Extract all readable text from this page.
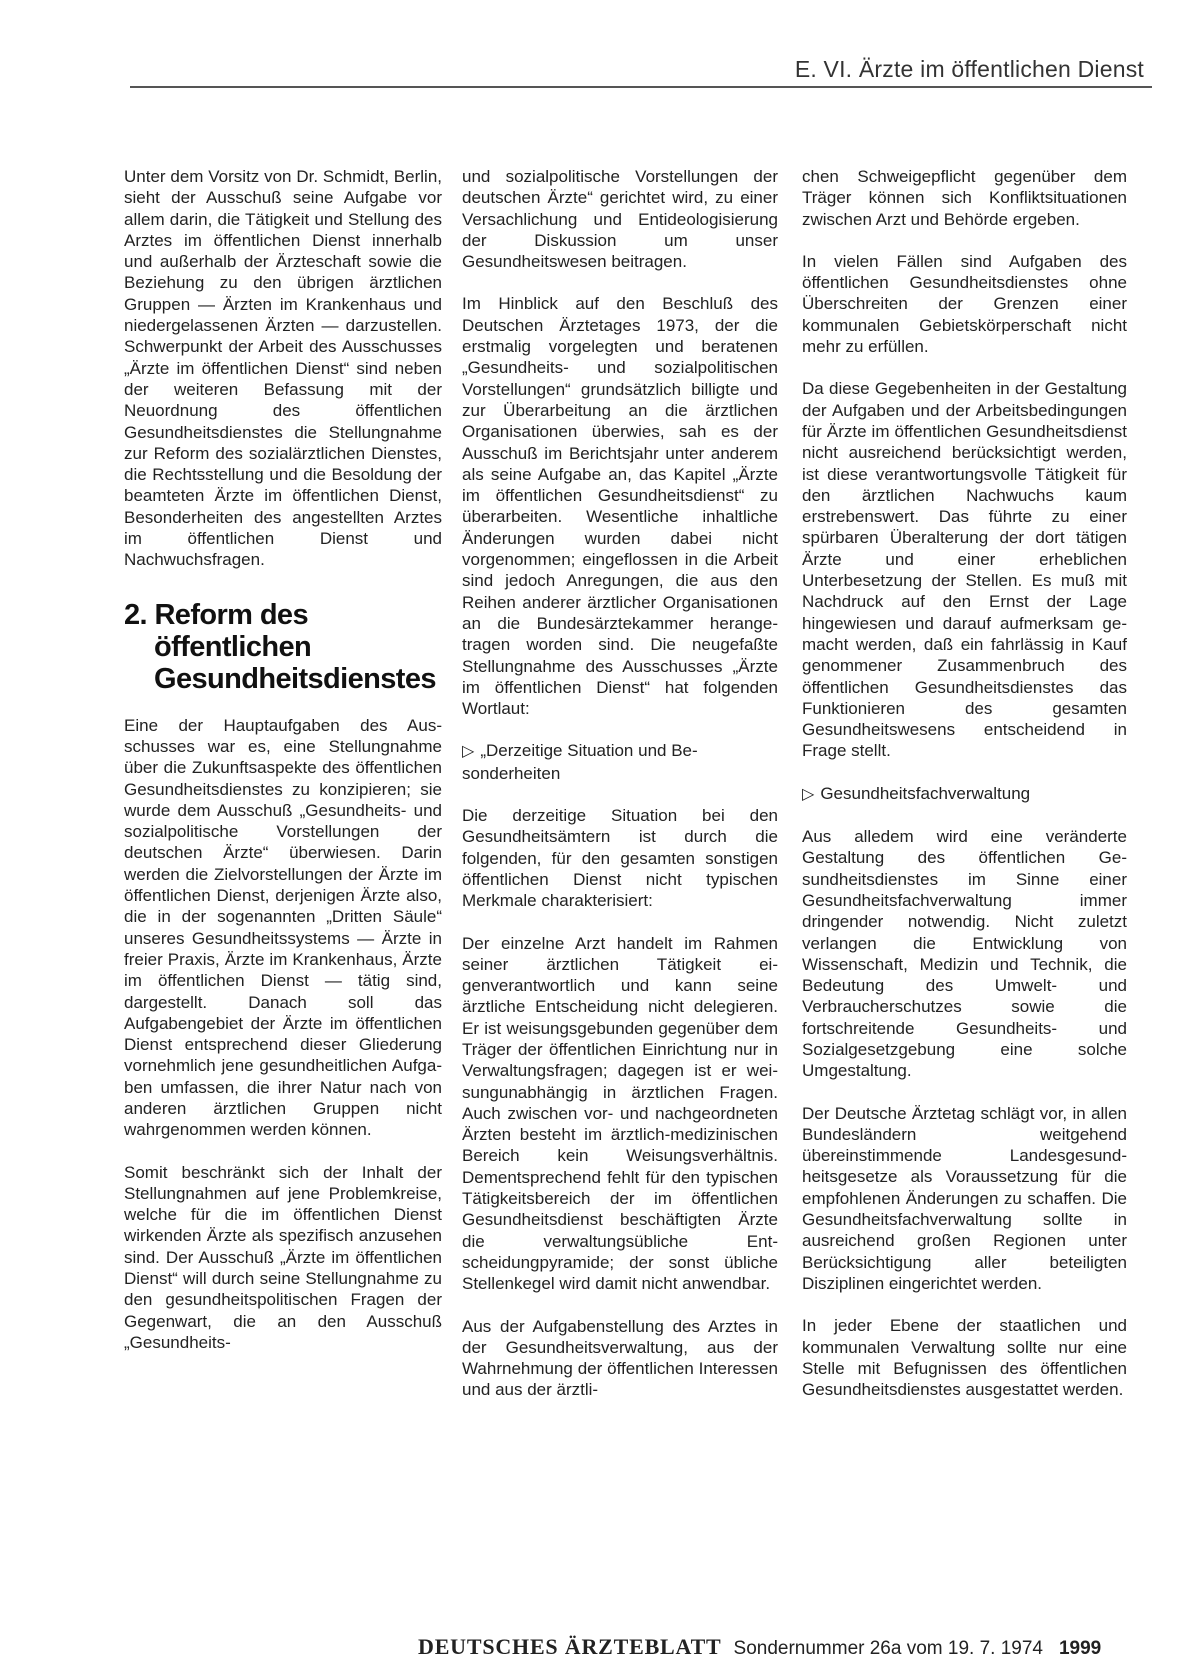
E. VI. Ärzte im öffentlichen Dienst

Unter dem Vorsitz von Dr. Schmidt, Berlin, sieht der Ausschuß seine Aufgabe vor allem darin, die Tätigkeit und Stellung des Arztes im öffentlichen Dienst innerhalb und außerhalb der Ärzteschaft sowie die Beziehung zu den übrigen ärztlichen Gruppen — Ärzten im Krankenhaus und niedergelassenen Ärzten — darzustellen. Schwerpunkt der Arbeit des Ausschusses „Ärzte im öffentlichen Dienst“ sind neben der weiteren Befassung mit der Neuordnung des öffentlichen Gesundheitsdienstes die Stellungnahme zur Reform des sozialärztlichen Dienstes, die Rechtsstellung und die Besoldung der beamteten Ärzte im öffentlichen Dienst, Besonderheiten des angestellten Arztes im öffentlichen Dienst und Nachwuchsfragen.

2. Reform des
öffentlichen
Gesundheitsdienstes

Eine der Hauptaufgaben des Ausschusses war es, eine Stellungnahme über die Zukunftsaspekte des öffentlichen Gesundheitsdienstes zu konzipieren; sie wurde dem Ausschuß „Gesundheits- und sozialpolitische Vorstellungen der deutschen Ärzte“ überwiesen. Darin werden die Zielvorstellungen der Ärzte im öffentlichen Dienst, derjenigen Ärzte also, die in der sogenannten „Dritten Säule“ unseres Gesundheitssystems — Ärzte in freier Praxis, Ärzte im Krankenhaus, Ärzte im öffentlichen Dienst — tätig sind, dargestellt. Danach soll das Aufgabengebiet der Ärzte im öffentlichen Dienst entsprechend dieser Gliederung vornehmlich jene gesundheitlichen Aufgaben umfassen, die ihrer Natur nach von anderen ärztlichen Gruppen nicht wahrgenommen werden können.

Somit beschränkt sich der Inhalt der Stellungnahmen auf jene Problemkreise, welche für die im öffentlichen Dienst wirkenden Ärzte als spezifisch anzusehen sind. Der Ausschuß „Ärzte im öffentlichen Dienst“ will durch seine Stellungnahme zu den gesundheitspolitischen Fragen der Gegenwart, die an den Ausschuß „Gesundheits-

und sozialpolitische Vorstellungen der deutschen Ärzte“ gerichtet wird, zu einer Versachlichung und Entideologisierung der Diskussion um unser Gesundheitswesen beitragen.

Im Hinblick auf den Beschluß des Deutschen Ärztetages 1973, der die erstmalig vorgelegten und beratenen „Gesundheits- und sozialpolitischen Vorstellungen“ grundsätzlich billigte und zur Überarbeitung an die ärztlichen Organisationen überwies, sah es der Ausschuß im Berichtsjahr unter anderem als seine Aufgabe an, das Kapitel „Ärzte im öffentlichen Gesundheitsdienst“ zu überarbeiten. Wesentliche inhaltliche Änderungen wurden dabei nicht vorgenommen; eingeflossen in die Arbeit sind jedoch Anregungen, die aus den Reihen anderer ärztlicher Organisationen an die Bundesärztekammer herangetragen worden sind. Die neugefaßte Stellungnahme des Ausschusses „Ärzte im öffentlichen Dienst“ hat folgenden Wortlaut:

▷ „Derzeitige Situation und Besonderheiten

Die derzeitige Situation bei den Gesundheitsämtern ist durch die folgenden, für den gesamten sonstigen öffentlichen Dienst nicht typischen Merkmale charakterisiert:

Der einzelne Arzt handelt im Rahmen seiner ärztlichen Tätigkeit eigenverantwortlich und kann seine ärztliche Entscheidung nicht delegieren. Er ist weisungsgebunden gegenüber dem Träger der öffentlichen Einrichtung nur in Verwaltungsfragen; dagegen ist er weisungunabhängig in ärztlichen Fragen. Auch zwischen vor- und nachgeordneten Ärzten besteht im ärztlich-medizinischen Bereich kein Weisungsverhältnis. Dementsprechend fehlt für den typischen Tätigkeitsbereich der im öffentlichen Gesundheitsdienst beschäftigten Ärzte die verwaltungsübliche Entscheidungpyramide; der sonst übliche Stellenkegel wird damit nicht anwendbar.

Aus der Aufgabenstellung des Arztes in der Gesundheitsverwaltung, aus der Wahrnehmung der öffentlichen Interessen und aus der ärztli-

chen Schweigepflicht gegenüber dem Träger können sich Konfliktsituationen zwischen Arzt und Behörde ergeben.

In vielen Fällen sind Aufgaben des öffentlichen Gesundheitsdienstes ohne Überschreiten der Grenzen einer kommunalen Gebietskörperschaft nicht mehr zu erfüllen.

Da diese Gegebenheiten in der Gestaltung der Aufgaben und der Arbeitsbedingungen für Ärzte im öffentlichen Gesundheitsdienst nicht ausreichend berücksichtigt werden, ist diese verantwortungsvolle Tätigkeit für den ärztlichen Nachwuchs kaum erstrebenswert. Das führte zu einer spürbaren Überalterung der dort tätigen Ärzte und einer erheblichen Unterbesetzung der Stellen. Es muß mit Nachdruck auf den Ernst der Lage hingewiesen und darauf aufmerksam gemacht werden, daß ein fahrlässig in Kauf genommener Zusammenbruch des öffentlichen Gesundheitsdienstes das Funktionieren des gesamten Gesundheitswesens entscheidend in Frage stellt.

▷ Gesundheitsfachverwaltung

Aus alledem wird eine veränderte Gestaltung des öffentlichen Gesundheitsdienstes im Sinne einer Gesundheitsfachverwaltung immer dringender notwendig. Nicht zuletzt verlangen die Entwicklung von Wissenschaft, Medizin und Technik, die Bedeutung des Umwelt- und Verbraucherschutzes sowie die fortschreitende Gesundheits- und Sozialgesetzgebung eine solche Umgestaltung.

Der Deutsche Ärztetag schlägt vor, in allen Bundesländern weitgehend übereinstimmende Landesgesundheitsgesetze als Voraussetzung für die empfohlenen Änderungen zu schaffen. Die Gesundheitsfachverwaltung sollte in ausreichend großen Regionen unter Berücksichtigung aller beteiligten Disziplinen eingerichtet werden.

In jeder Ebene der staatlichen und kommunalen Verwaltung sollte nur eine Stelle mit Befugnissen des öffentlichen Gesundheitsdienstes ausgestattet werden.

DEUTSCHES ÄRZTEBLATT Sondernummer 26a vom 19. 7. 1974 1999
